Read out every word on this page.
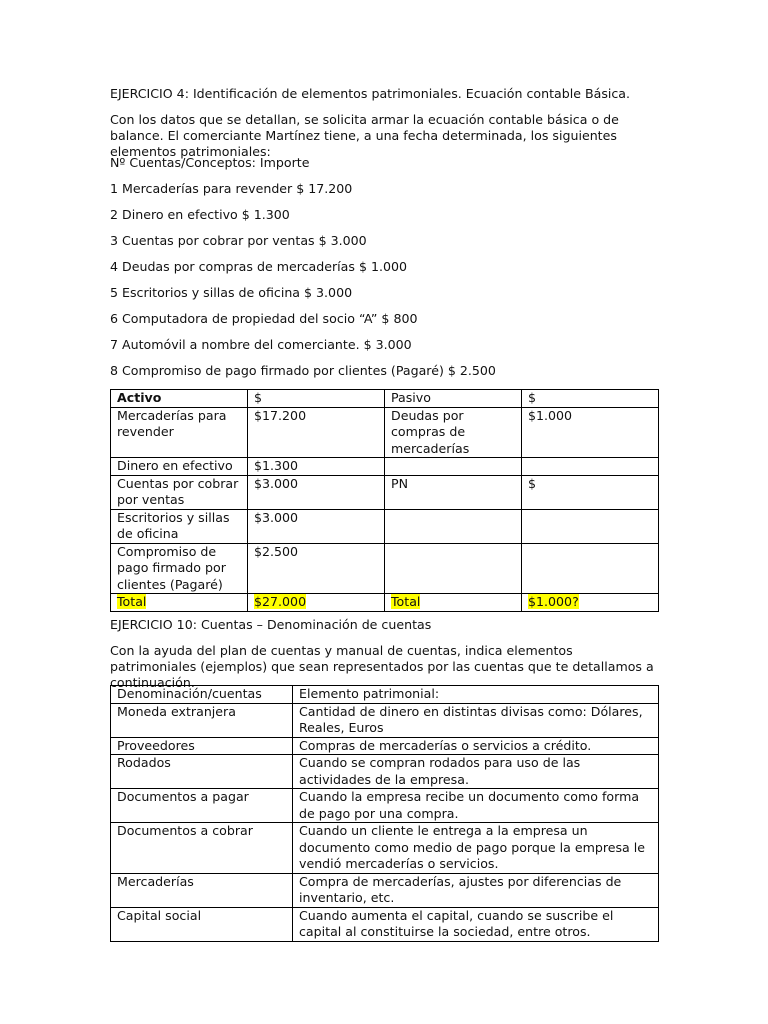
EJERCICIO 4: Identificación de elementos patrimoniales. Ecuación contable Básica.
Con los datos que se detallan, se solicita armar la ecuación contable básica o de balance. El comerciante Martínez tiene, a una fecha determinada, los siguientes elementos patrimoniales:
Nº Cuentas/Conceptos: Importe
1 Mercaderías para revender $ 17.200
2 Dinero en efectivo $ 1.300
3 Cuentas por cobrar por ventas $ 3.000
4 Deudas por compras de mercaderías $ 1.000
5 Escritorios y sillas de oficina $ 3.000
6 Computadora de propiedad del socio “A” $ 800
7 Automóvil a nombre del comerciante. $ 3.000
8 Compromiso de pago firmado por clientes (Pagaré) $ 2.500
Activo	$	Pasivo	$
Mercaderías para revender	$17.200	Deudas por compras de mercaderías	$1.000
Dinero en efectivo	$1.300		
Cuentas por cobrar por ventas	$3.000	PN	$
Escritorios y sillas de oficina	$3.000		
Compromiso de pago firmado por clientes (Pagaré)	$2.500		
Total	$27.000	Total	$1.000?
EJERCICIO 10: Cuentas – Denominación de cuentas
Con la ayuda del plan de cuentas y manual de cuentas, indica elementos patrimoniales (ejemplos) que sean representados por las cuentas que te detallamos a continuación.
Denominación/cuentas	Elemento patrimonial:
Moneda extranjera	Cantidad de dinero en distintas divisas como: Dólares, Reales, Euros
Proveedores	Compras de mercaderías o servicios a crédito.
Rodados	Cuando se compran rodados para uso de las actividades de la empresa.
Documentos a pagar	Cuando la empresa recibe un documento como forma de pago por una compra.
Documentos a cobrar	Cuando un cliente le entrega a la empresa un documento como medio de pago porque la empresa le vendió mercaderías o servicios.
Mercaderías	Compra de mercaderías, ajustes por diferencias de inventario, etc.
Capital social	Cuando aumenta el capital, cuando se suscribe el capital al constituirse la sociedad, entre otros.
